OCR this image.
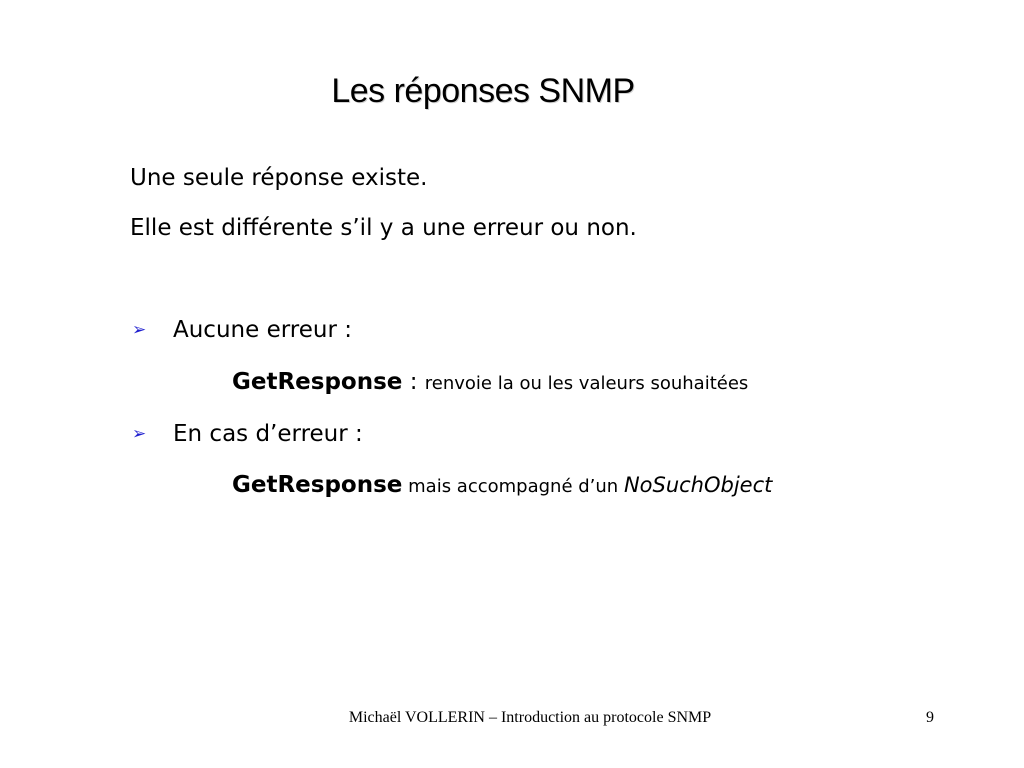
Les réponses SNMP
Une seule réponse existe.
Elle est différente s’il y a une erreur ou non.
➢ Aucune erreur :
GetResponse : renvoie la ou les valeurs souhaitées
➢ En cas d’erreur :
GetResponse mais accompagné d’un NoSuchObject
Michaël VOLLERIN – Introduction au protocole SNMP	9
